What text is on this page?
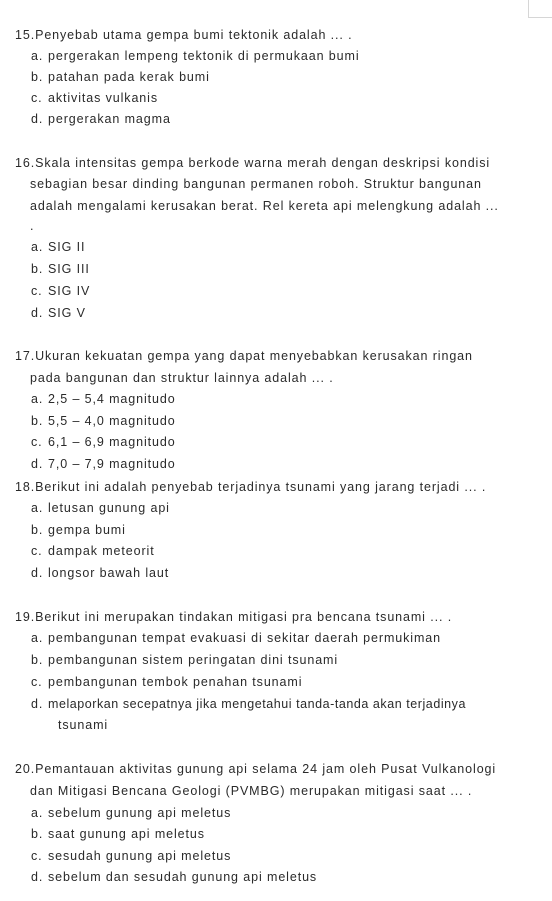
15.Penyebab utama gempa bumi tektonik adalah ... .
a. pergerakan lempeng tektonik di permukaan bumi
b. patahan pada kerak bumi
c. aktivitas vulkanis
d. pergerakan magma
16.Skala intensitas gempa berkode warna merah dengan deskripsi kondisi
sebagian besar dinding bangunan permanen roboh. Struktur bangunan
adalah mengalami kerusakan berat. Rel kereta api melengkung adalah ...
.
a. SIG II
b. SIG III
c. SIG IV
d. SIG V
17.Ukuran kekuatan gempa yang dapat menyebabkan kerusakan ringan
pada bangunan dan struktur lainnya adalah ... .
a. 2,5 – 5,4 magnitudo
b. 5,5 – 4,0 magnitudo
c. 6,1 – 6,9 magnitudo
d. 7,0 – 7,9 magnitudo
18.Berikut ini adalah penyebab terjadinya tsunami yang jarang terjadi ... .
a. letusan gunung api
b. gempa bumi
c. dampak meteorit
d. longsor bawah laut
19.Berikut ini merupakan tindakan mitigasi pra bencana tsunami ... .
a. pembangunan tempat evakuasi di sekitar daerah permukiman
b. pembangunan sistem peringatan dini tsunami
c. pembangunan tembok penahan tsunami
d. melaporkan secepatnya jika mengetahui tanda-tanda akan terjadinya
tsunami
20.Pemantauan aktivitas gunung api selama 24 jam oleh Pusat Vulkanologi
dan Mitigasi Bencana Geologi (PVMBG) merupakan mitigasi saat ... .
a. sebelum gunung api meletus
b. saat gunung api meletus
c. sesudah gunung api meletus
d. sebelum dan sesudah gunung api meletus
